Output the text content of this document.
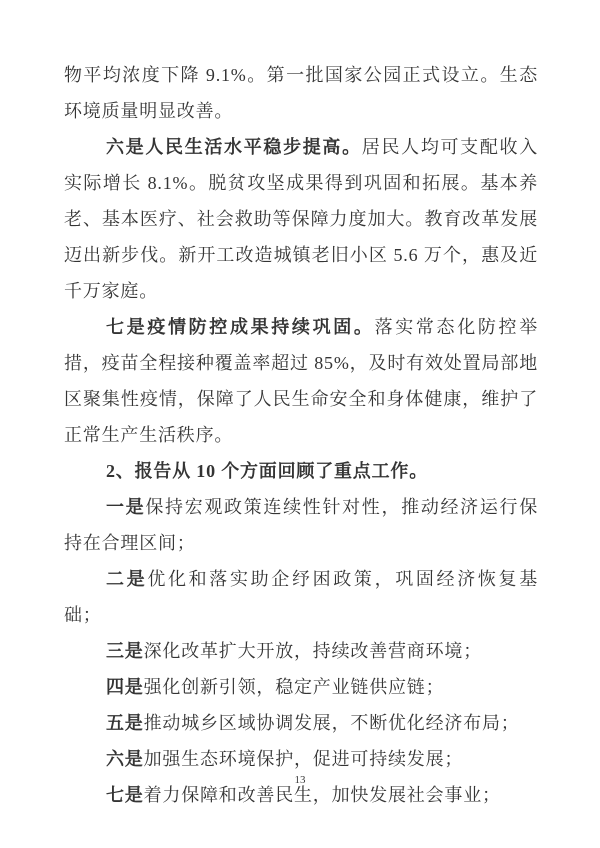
物平均浓度下降 9.1%。第一批国家公园正式设立。生态环境质量明显改善。

六是人民生活水平稳步提高。居民人均可支配收入实际增长 8.1%。脱贫攻坚成果得到巩固和拓展。基本养老、基本医疗、社会救助等保障力度加大。教育改革发展迈出新步伐。新开工改造城镇老旧小区 5.6 万个，惠及近千万家庭。

七是疫情防控成果持续巩固。落实常态化防控举措，疫苗全程接种覆盖率超过 85%，及时有效处置局部地区聚集性疫情，保障了人民生命安全和身体健康，维护了正常生产生活秩序。

2、报告从 10 个方面回顾了重点工作。

一是保持宏观政策连续性针对性，推动经济运行保持在合理区间；

二是优化和落实助企纾困政策，巩固经济恢复基础；

三是深化改革扩大开放，持续改善营商环境；

四是强化创新引领，稳定产业链供应链；

五是推动城乡区域协调发展，不断优化经济布局；

六是加强生态环境保护，促进可持续发展；

七是着力保障和改善民生，加快发展社会事业；

13
